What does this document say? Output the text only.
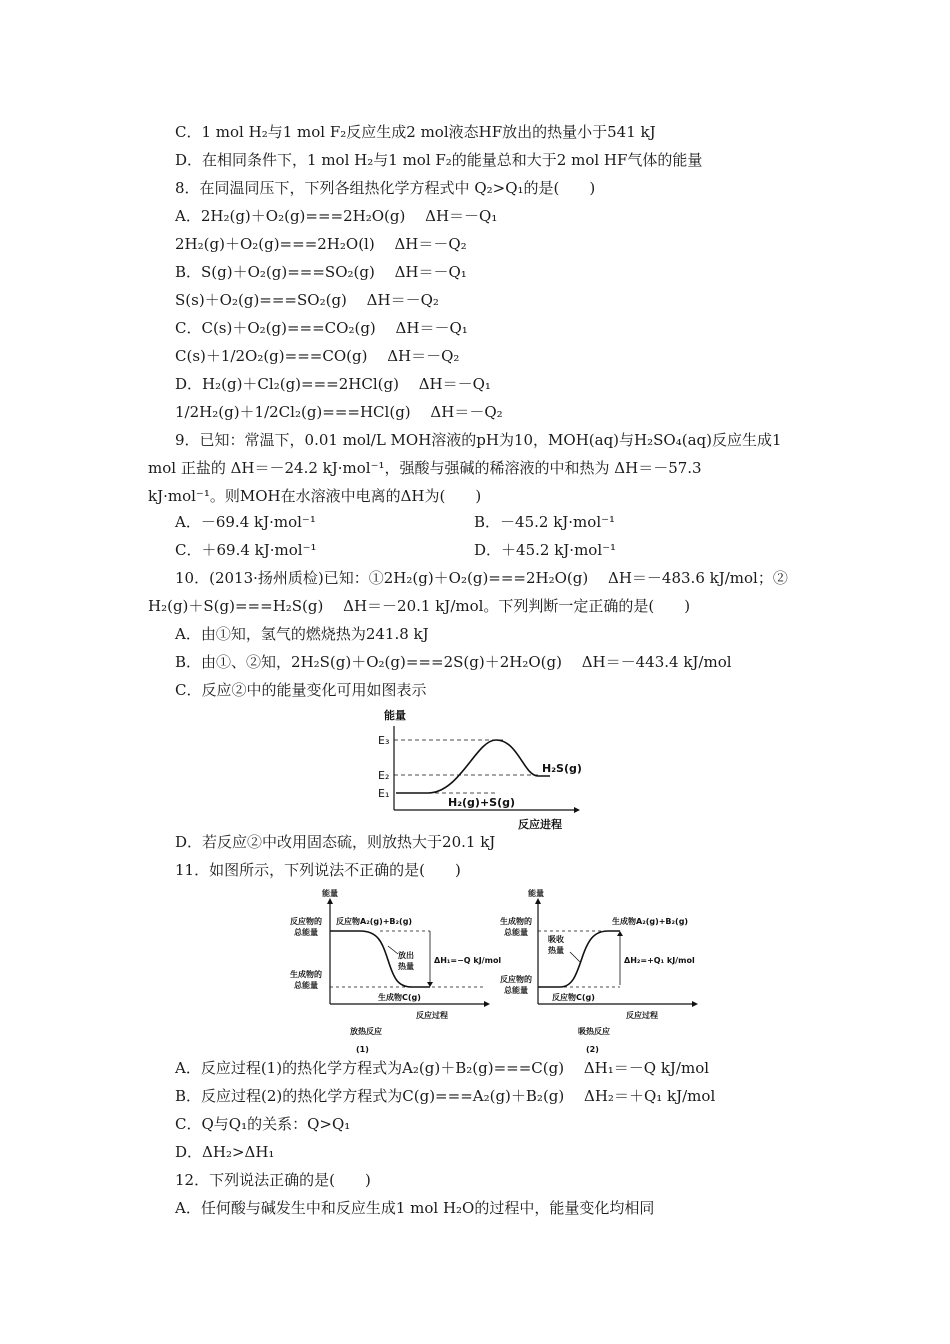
C．1 mol H₂与1 mol F₂反应生成2 mol液态HF放出的热量小于541 kJ
D．在相同条件下，1 mol H₂与1 mol F₂的能量总和大于2 mol HF气体的能量
8．在同温同压下，下列各组热化学方程式中 Q₂>Q₁的是(　　)
A．2H₂(g)＋O₂(g)===2H₂O(g)　 ΔH＝－Q₁
2H₂(g)＋O₂(g)===2H₂O(l)　 ΔH＝－Q₂
B．S(g)＋O₂(g)===SO₂(g)　 ΔH＝－Q₁
S(s)＋O₂(g)===SO₂(g)　 ΔH＝－Q₂
C．C(s)＋O₂(g)===CO₂(g)　 ΔH＝－Q₁
C(s)＋1/2O₂(g)===CO(g)　 ΔH＝－Q₂
D．H₂(g)＋Cl₂(g)===2HCl(g)　 ΔH＝－Q₁
1/2H₂(g)＋1/2Cl₂(g)===HCl(g)　 ΔH＝－Q₂
9．已知：常温下，0.01 mol/L MOH溶液的pH为10，MOH(aq)与H₂SO₄(aq)反应生成1
mol 正盐的 ΔH＝－24.2 kJ·mol⁻¹，强酸与强碱的稀溶液的中和热为 ΔH＝－57.3
kJ·mol⁻¹。则MOH在水溶液中电离的ΔH为(　　)
A．－69.4 kJ·mol⁻¹	B．－45.2 kJ·mol⁻¹
C．＋69.4 kJ·mol⁻¹	D．＋45.2 kJ·mol⁻¹
10．(2013·扬州质检)已知：①2H₂(g)＋O₂(g)===2H₂O(g)　 ΔH＝－483.6 kJ/mol；②
H₂(g)＋S(g)===H₂S(g)　 ΔH＝－20.1 kJ/mol。下列判断一定正确的是(　　)
A．由①知，氢气的燃烧热为241.8 kJ
B．由①、②知，2H₂S(g)＋O₂(g)===2S(g)＋2H₂O(g)　 ΔH＝－443.4 kJ/mol
C．反应②中的能量变化可用如图表示
能量
E₃
E₂
E₁
H₂S(g)
H₂(g)+S(g)
反应进程
D．若反应②中改用固态硫，则放热大于20.1 kJ
11．如图所示，下列说法不正确的是(　　)
能量
反应物的
总能量
反应物A₂(g)+B₂(g)
生成物的
总能量
生成物C(g)
放出
热量
ΔH₁=−Q kJ/mol
反应过程
放热反应
(1)
能量
生成物的
总能量
生成物A₂(g)+B₂(g)
反应物的
总能量
反应物C(g)
吸收
热量
ΔH₂=+Q₁ kJ/mol
反应过程
吸热反应
(2)
A．反应过程(1)的热化学方程式为A₂(g)＋B₂(g)===C(g)　 ΔH₁＝－Q kJ/mol
B．反应过程(2)的热化学方程式为C(g)===A₂(g)＋B₂(g)　 ΔH₂＝＋Q₁ kJ/mol
C．Q与Q₁的关系：Q>Q₁
D．ΔH₂>ΔH₁
12．下列说法正确的是(　　)
A．任何酸与碱发生中和反应生成1 mol H₂O的过程中，能量变化均相同
